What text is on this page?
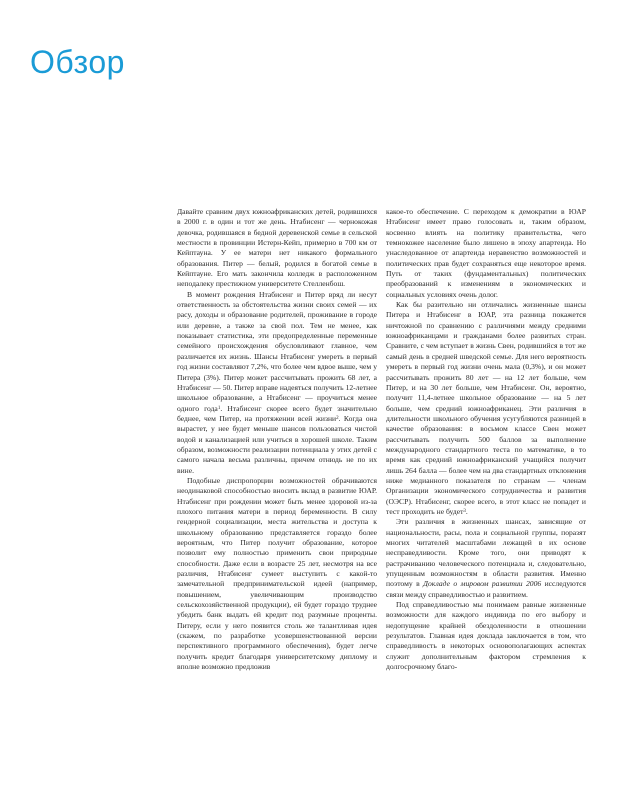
Обзор

Давайте сравним двух южноафриканских детей, родившихся в 2000 г. в один и тот же день. Нтабисенг — чернокожая девочка, родившаяся в бедной деревенской семье в сельской местности в провинции Истерн-Кейп, примерно в 700 км от Кейптауна. У ее матери нет никакого формального образования. Питер — белый, родился в богатой семье в Кейптауне. Его мать закончила колледж в расположенном неподалеку престижном университете Стелленбош.

В момент рождения Нтабисенг и Питер вряд ли несут ответственность за обстоятельства жизни своих семей — их расу, доходы и образование родителей, проживание в городе или деревне, а также за свой пол. Тем не менее, как показывает статистика, эти предопределенные переменные семейного происхождения обусловливают главное, чем различается их жизнь. Шансы Нтабисенг умереть в первый год жизни составляют 7,2%, что более чем вдвое выше, чем у Питера (3%). Питер может рассчитывать прожить 68 лет, а Нтабисенг — 50. Питер вправе надеяться получить 12-летнее школьное образование, а Нтабисенг — проучиться менее одного года$^1$. Нтабисенг скорее всего будет значительно беднее, чем Питер, на протяжении всей жизни$^2$. Когда она вырастет, у нее будет меньше шансов пользоваться чистой водой и канализацией или учиться в хорошей школе. Таким образом, возможности реализации потенциала у этих детей с самого начала весьма различны, причем отнюдь не по их вине.

Подобные диспропорции возможностей обрачиваются неодинаковой способностью вносить вклад в развитие ЮАР. Нтабисенг при рождении может быть менее здоровой из-за плохого питания матери в период беременности. В силу гендерной социализации, места жительства и доступа к школьному образованию представляется гораздо более вероятным, что Питер получит образование, которое позволит ему полностью применить свои природные способности. Даже если в возрасте 25 лет, несмотря на все различия, Нтабисенг сумеет выступить с какой-то замечательной предпринимательской идеей (например, повышением, увеличивающим производство сельскохозяйственной продукции), ей будет гораздо труднее убедить банк выдать ей кредит под разумные проценты. Питеру, если у него появится столь же талантливая идея (скажем, по разработке усовершенствованной версии перспективного программного обеспечения), будет легче получить кредит благодаря университетскому диплому и вполне возможно предложив

какое-то обеспечение. С переходом к демократии в ЮАР Нтабисенг имеет право голосовать и, таким образом, косвенно влиять на политику правительства, чего темнокожее население было лишено в эпоху апартеида. Но унаследованное от апартеида неравенство возможностей и политических прав будет сохраняться еще некоторое время. Путь от таких (фундаментальных) политических преобразований к изменениям в экономических и социальных условиях очень долог.

Как бы разительно ни отличались жизненные шансы Питера и Нтабисенг в ЮАР, эта разница покажется ничтожной по сравнению с различиями между средними южноафриканцами и гражданами более развитых стран. Сравните, с чем вступает в жизнь Свен, родившийся в тот же самый день в средней шведской семье. Для него вероятность умереть в первый год жизни очень мала (0,3%), и он может рассчитывать прожить 80 лет — на 12 лет больше, чем Питер, и на 30 лет больше, чем Нтабисенг. Он, вероятно, получит 11,4-летнее школьное образование — на 5 лет больше, чем средний южноафриканец. Эти различия в длительности школьного обучения усугубляются разницей в качестве образования: в восьмом классе Свен может рассчитывать получить 500 баллов за выполнение международного стандартного теста по математике, в то время как средний южноафриканский учащийся получит лишь 264 балла — более чем на два стандартных отклонения ниже медианного показателя по странам — членам Организации экономического сотрудничества и развития (ОЭСР). Нтабисенг, скорее всего, в этот класс не попадет и тест проходить не будет$^3$.

Эти различия в жизненных шансах, зависящие от национальности, расы, пола и социальной группы, поразят многих читателей масштабами лежащей в их основе несправедливости. Кроме того, они приводят к растрачиванию человеческого потенциала и, следовательно, упущенным возможностям в области развития. Именно поэтому в Докладе о мировом развитии 2006 исследуются связи между справедливостью и развитием.

Под справедливостью мы понимаем равные жизненные возможности для каждого индивида по его выбору и недопущение крайней обездоленности в отношении результатов. Главная идея доклада заключается в том, что справедливость в некоторых основополагающих аспектах служит дополнительным фактором стремления к долгосрочному благо-
